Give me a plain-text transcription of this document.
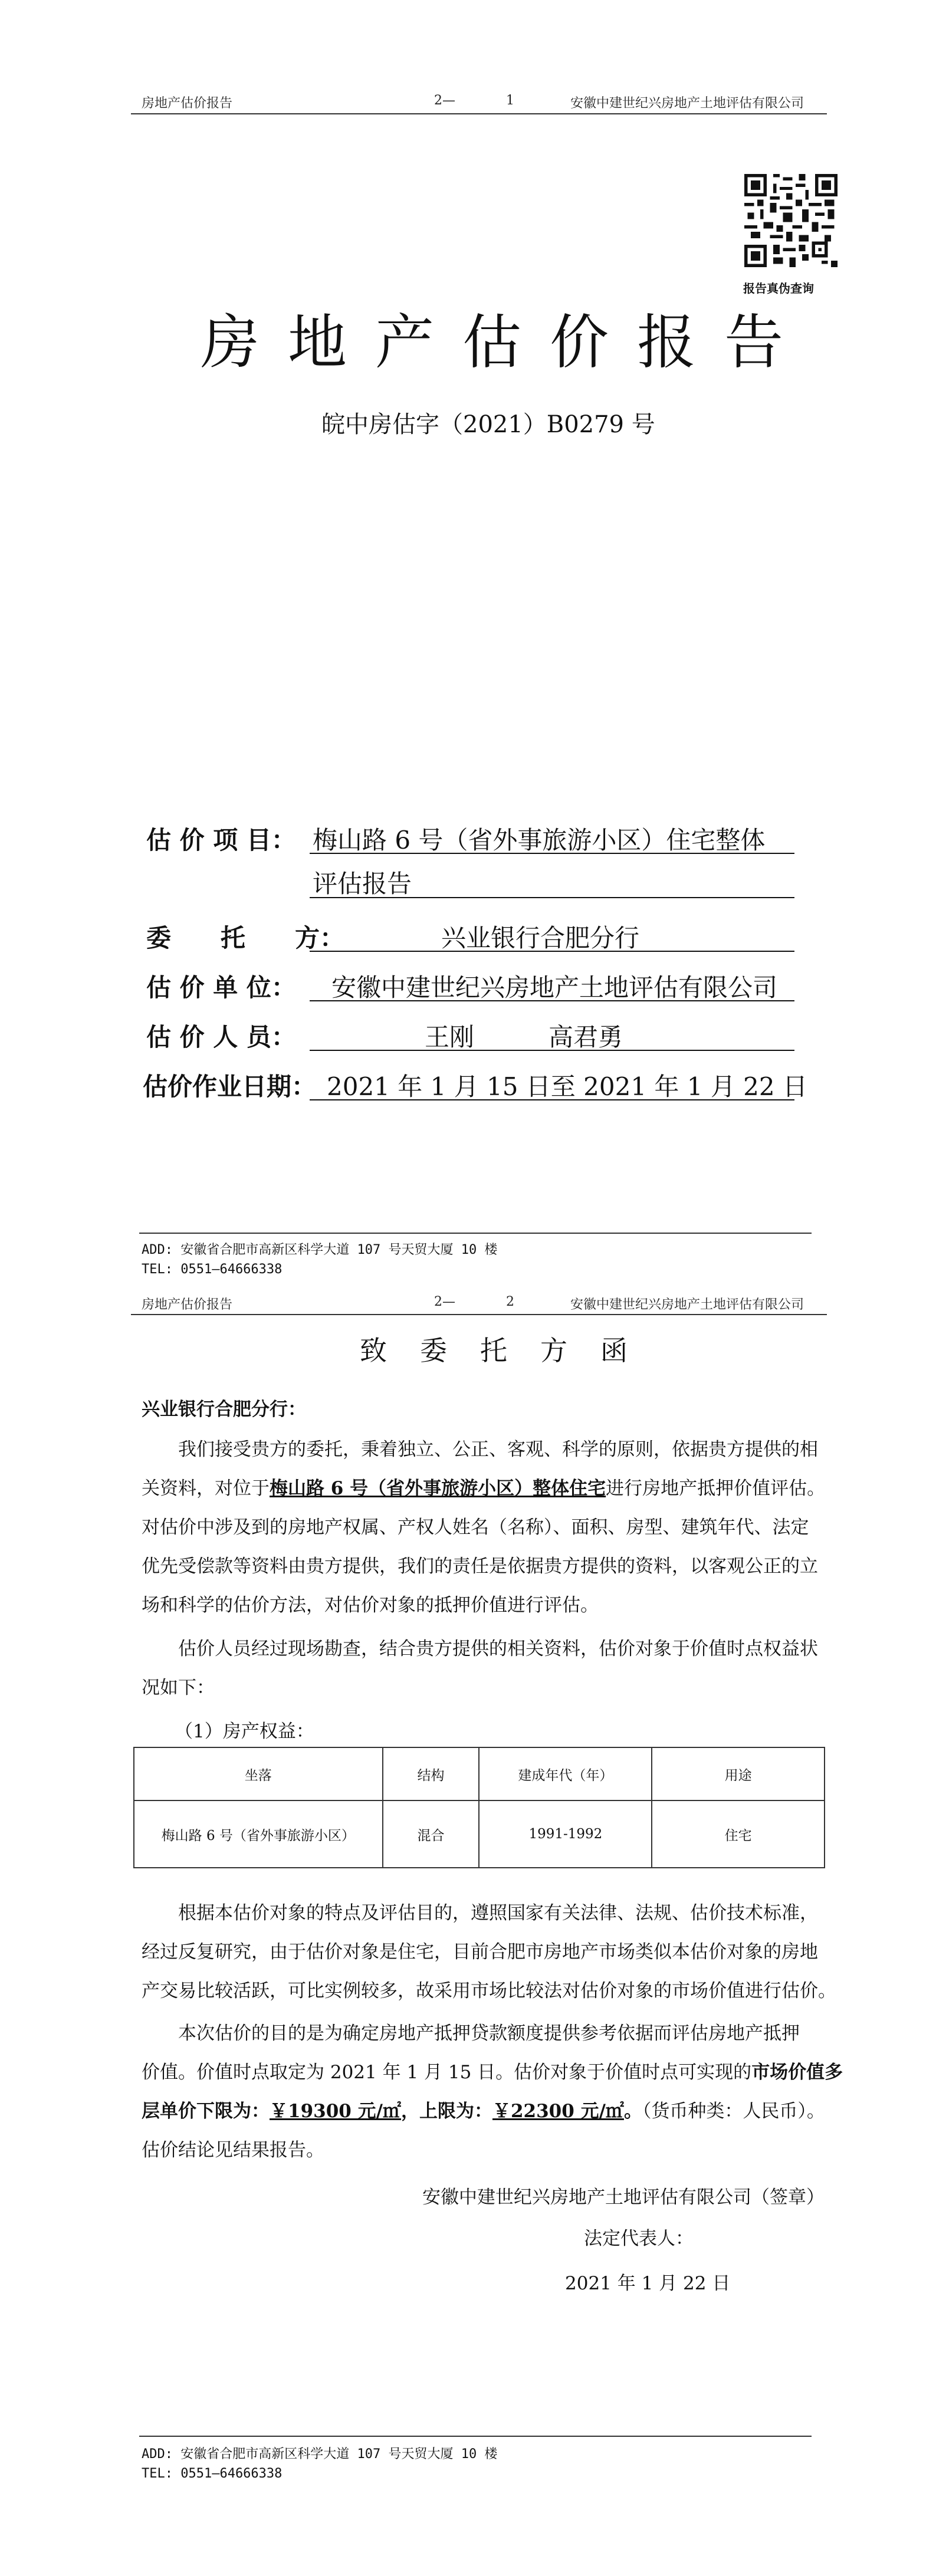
房地产估价报告	2—	1	安徽中建世纪兴房地产土地评估有限公司
报告真伪查询
房地产估价报告
皖中房估字（2021）B0279 号
估 价 项 目： 梅山路 6 号（省外事旅游小区）住宅整体
评估报告
委　　托　　方：	兴业银行合肥分行
估 价 单 位： 安徽中建世纪兴房地产土地评估有限公司
估 价 人 员：	王刚　　　高君勇
估价作业日期： 2021 年 1 月 15 日至 2021 年 1 月 22 日
ADD: 安徽省合肥市高新区科学大道 107 号天贸大厦 10 楼
TEL: 0551—64666338
房地产估价报告	2—	2	安徽中建世纪兴房地产土地评估有限公司
致委托方函
兴业银行合肥分行：
我们接受贵方的委托，秉着独立、公正、客观、科学的原则，依据贵方提供的相
关资料，对位于梅山路 6 号（省外事旅游小区）整体住宅进行房地产抵押价值评估。
对估价中涉及到的房地产权属、产权人姓名（名称）、面积、房型、建筑年代、法定
优先受偿款等资料由贵方提供，我们的责任是依据贵方提供的资料，以客观公正的立
场和科学的估价方法，对估价对象的抵押价值进行评估。
估价人员经过现场勘查，结合贵方提供的相关资料，估价对象于价值时点权益状
况如下：
（1）房产权益：
坐落	结构	建成年代（年）	用途
梅山路 6 号（省外事旅游小区）	混合	1991-1992	住宅
根据本估价对象的特点及评估目的，遵照国家有关法律、法规、估价技术标准，
经过反复研究，由于估价对象是住宅，目前合肥市房地产市场类似本估价对象的房地
产交易比较活跃，可比实例较多，故采用市场比较法对估价对象的市场价值进行估价。
本次估价的目的是为确定房地产抵押贷款额度提供参考依据而评估房地产抵押
价值。价值时点取定为 2021 年 1 月 15 日。估价对象于价值时点可实现的市场价值多
层单价下限为：￥19300 元/㎡，上限为：￥22300 元/㎡。（货币种类：人民币）。
估价结论见结果报告。
安徽中建世纪兴房地产土地评估有限公司（签章）
法定代表人：
2021 年 1 月 22 日
ADD: 安徽省合肥市高新区科学大道 107 号天贸大厦 10 楼
TEL: 0551—64666338
